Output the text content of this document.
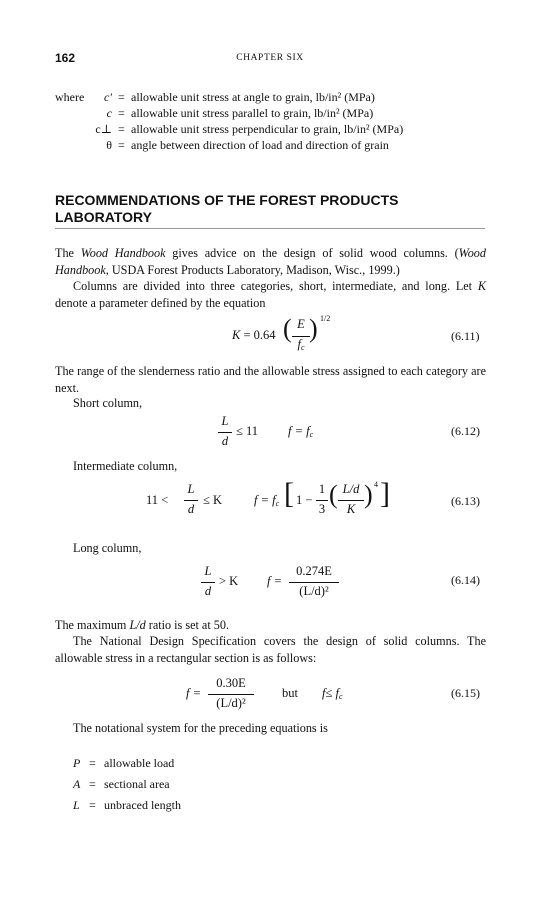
162	CHAPTER SIX
where	c′ = allowable unit stress at angle to grain, lb/in² (MPa)
c = allowable unit stress parallel to grain, lb/in² (MPa)
c⊥ = allowable unit stress perpendicular to grain, lb/in² (MPa)
θ = angle between direction of load and direction of grain
RECOMMENDATIONS OF THE FOREST PRODUCTS
LABORATORY
The Wood Handbook gives advice on the design of solid wood columns. (Wood Handbook, USDA Forest Products Laboratory, Madison, Wisc., 1999.)
Columns are divided into three categories, short, intermediate, and long. Let K denote a parameter defined by the equation
K = 0.64 ( E
$f_c$
) 1/2
(6.11)
The range of the slenderness ratio and the allowable stress assigned to each category are next.
Short column,
L
d
≤ 11 $f = f_c$	(6.12)
Intermediate column,
11 <
L
d
≤ K	$f = f_c$ [ 1 −
1
3 ( L/d
K ) 4 ]	(6.13)
Long column,
L
d
> K f =
0.274E
(L/d)²
(6.14)
The maximum L/d ratio is set at 50.
The National Design Specification covers the design of solid columns. The allowable stress in a rectangular section is as follows:
f =
0.30E
(L/d)²
but $f\le f_c$	(6.15)
The notational system for the preceding equations is
P = allowable load
A = sectional area
L = unbraced length
